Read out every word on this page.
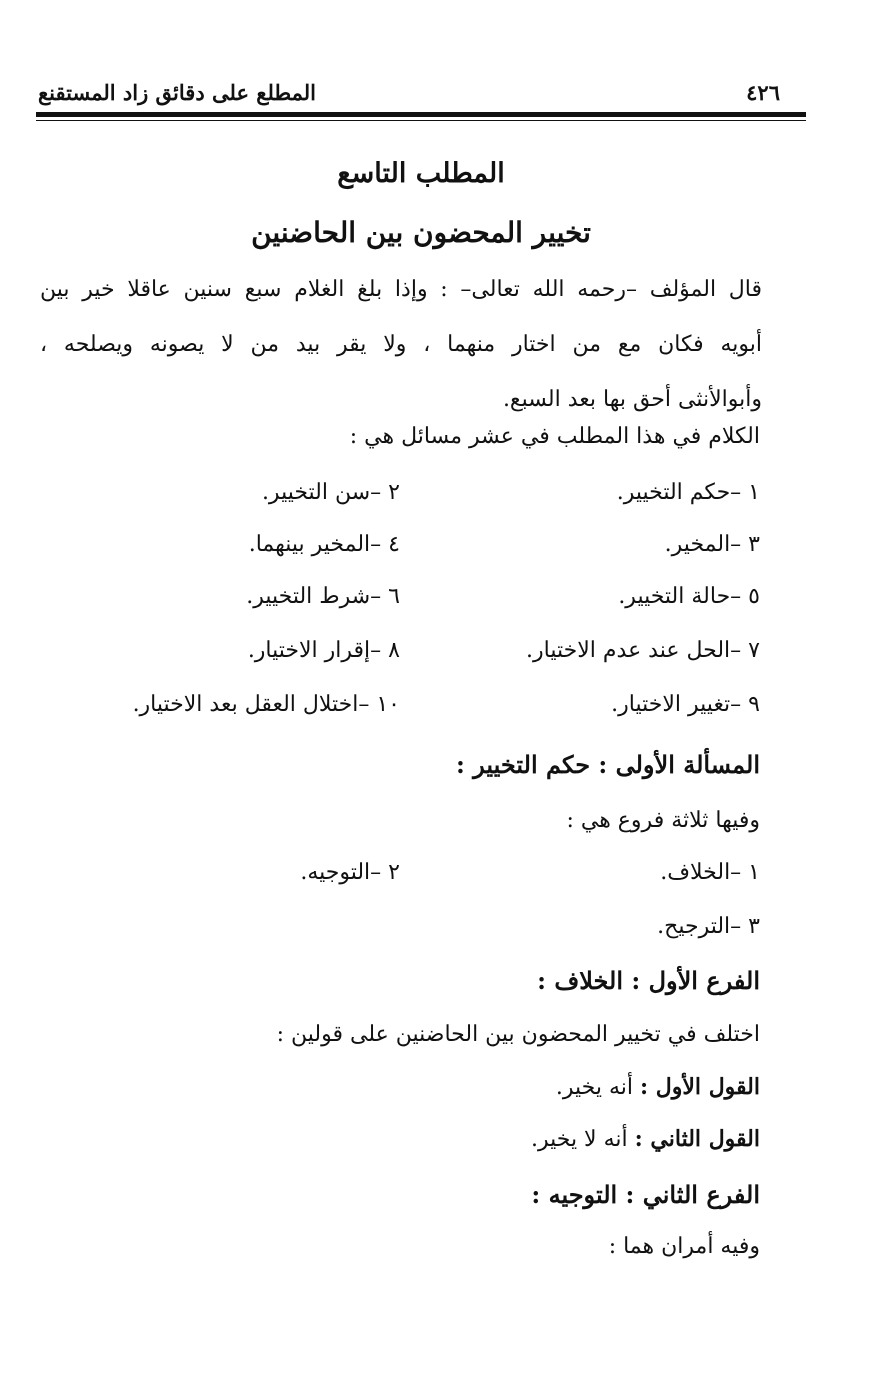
٤٢٦
المطلع على دقائق زاد المستقنع
المطلب التاسع
تخيير المحضون بين الحاضنين
قال المؤلف –رحمه الله تعالى– : وإذا بلغ الغلام سبع سنين عاقلا خير بين
أبويه فكان مع من اختار منهما ، ولا يقر بيد من لا يصونه ويصلحه ،
وأبوالأنثى أحق بها بعد السبع.
الكلام في هذا المطلب في عشر مسائل هي :
١ –حكم التخيير.
٢ –سن التخيير.
٣ –المخير.
٤ –المخير بينهما.
٥ –حالة التخيير.
٦ –شرط التخيير.
٧ –الحل عند عدم الاختيار.
٨ –إقرار الاختيار.
٩ –تغيير الاختيار.
١٠ –اختلال العقل بعد الاختيار.
المسألة الأولى : حكم التخيير :
وفيها ثلاثة فروع هي :
١ –الخلاف.
٢ –التوجيه.
٣ –الترجيح.
الفرع الأول : الخلاف :
اختلف في تخيير المحضون بين الحاضنين على قولين :
القول الأول : أنه يخير.
القول الثاني : أنه لا يخير.
الفرع الثاني : التوجيه :
وفيه أمران هما :
